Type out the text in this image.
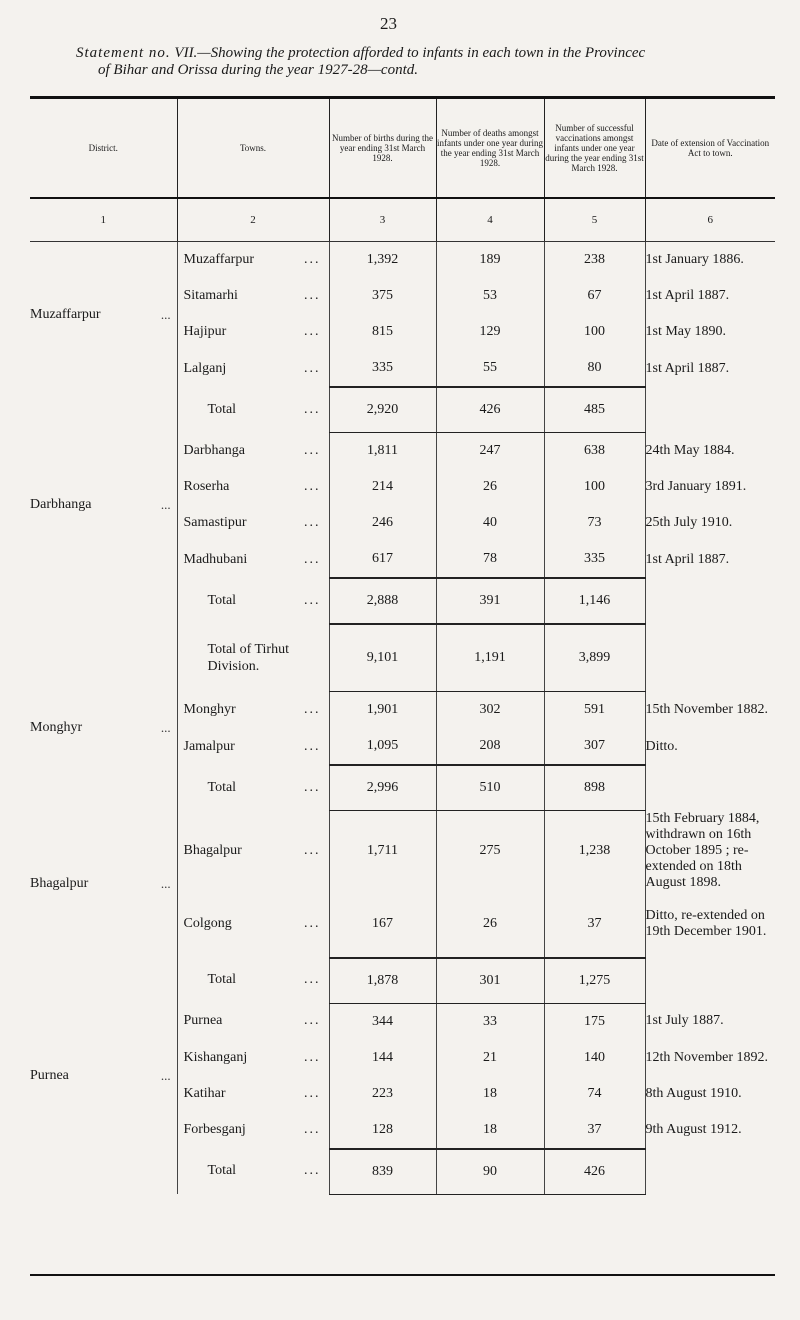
23
Statement no. VII.—Showing the protection afforded to infants in each town in the Provincec
of Bihar and Orissa during the year 1927-28—contd.
District.		Towns.	Number of births during the year ending 31st March 1928.	Number of deaths amongst infants under one year during the year ending 31st March 1928.	Number of successful vaccinations amongst infants under one year during the year ending 31st March 1928.	Date of extension of Vaccination Act to town.
1		2	3	4	5	6
Muzaffarpur	...	Muzaffarpur ...	1,392	189	238	1st January 1886.
		Sitamarhi ...	375	53	67	1st April 1887.
		Hajipur ...	815	129	100	1st May 1890.
		Lalganj ...	335	55	80	1st April 1887.
		Total ...	2,920	426	485	
Darbhanga	...	Darbhanga ...	1,811	247	638	24th May 1884.
		Roserha ...	214	26	100	3rd January 1891.
		Samastipur ...	246	40	73	25th July 1910.
		Madhubani ...	617	78	335	1st April 1887.
		Total ...	2,888	391	1,146	
		Total of Tirhut Division.	9,101	1,191	3,899	
Monghyr	...	Monghyr ...	1,901	302	591	15th November 1882.
		Jamalpur ...	1,095	208	307	Ditto.
		Total ...	2,996	510	898	
Bhagalpur	...	Bhagalpur ...	1,711	275	1,238	15th February 1884, withdrawn on 16th October 1895 ; re-extended on 18th August 1898.
		Colgong ...	167	26	37	Ditto, re-extended on 19th December 1901.
		Total ...	1,878	301	1,275	
Purnea	...	Purnea ...	344	33	175	1st July 1887.
		Kishanganj ...	144	21	140	12th November 1892.
		Katihar ...	223	18	74	8th August 1910.
		Forbesganj ...	128	18	37	9th August 1912.
		Total ...	839	90	426	
